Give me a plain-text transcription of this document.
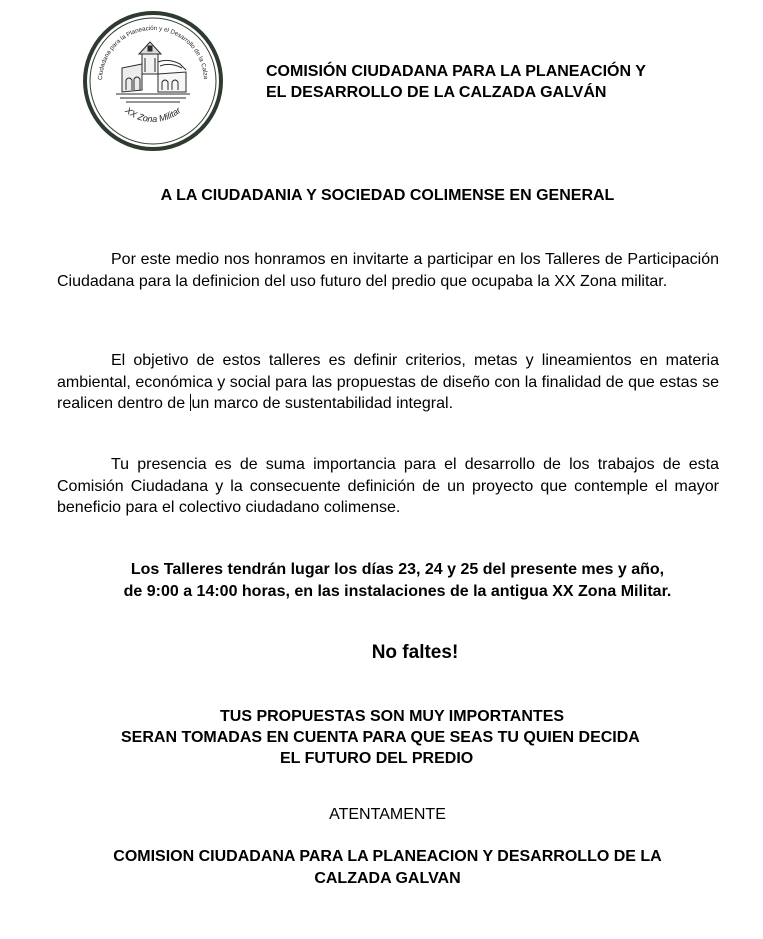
Ciudadana para la Planeación y el Desarrollo de la Calza
XX Zona Militar
COMISIÓN CIUDADANA PARA LA PLANEACIÓN Y
EL DESARROLLO DE LA CALZADA GALVÁN
A LA CIUDADANIA Y SOCIEDAD COLIMENSE EN GENERAL

Por este medio nos honramos en invitarte a participar en los Talleres de Participación Ciudadana para la definicion del uso futuro del predio que ocupaba la XX Zona militar.

El objetivo de estos talleres es definir criterios, metas y lineamientos en materia ambiental, económica y social para las propuestas de diseño con la finalidad de que estas se realicen dentro de un marco de sustentabilidad integral.

Tu presencia es de suma importancia para el desarrollo de los trabajos de esta Comisión Ciudadana y la consecuente definición de un proyecto que contemple el mayor beneficio para el colectivo ciudadano colimense.

Los Talleres tendrán lugar los días 23, 24 y 25 del presente mes y año,
de 9:00 a 14:00 horas, en las instalaciones de la antigua XX Zona Militar.
No faltes!
TUS PROPUESTAS SON MUY IMPORTANTES
SERAN TOMADAS EN CUENTA PARA QUE SEAS TU QUIEN DECIDA
EL FUTURO DEL PREDIO
ATENTAMENTE
COMISION CIUDADANA PARA LA PLANEACION Y DESARROLLO DE LA
CALZADA GALVAN
